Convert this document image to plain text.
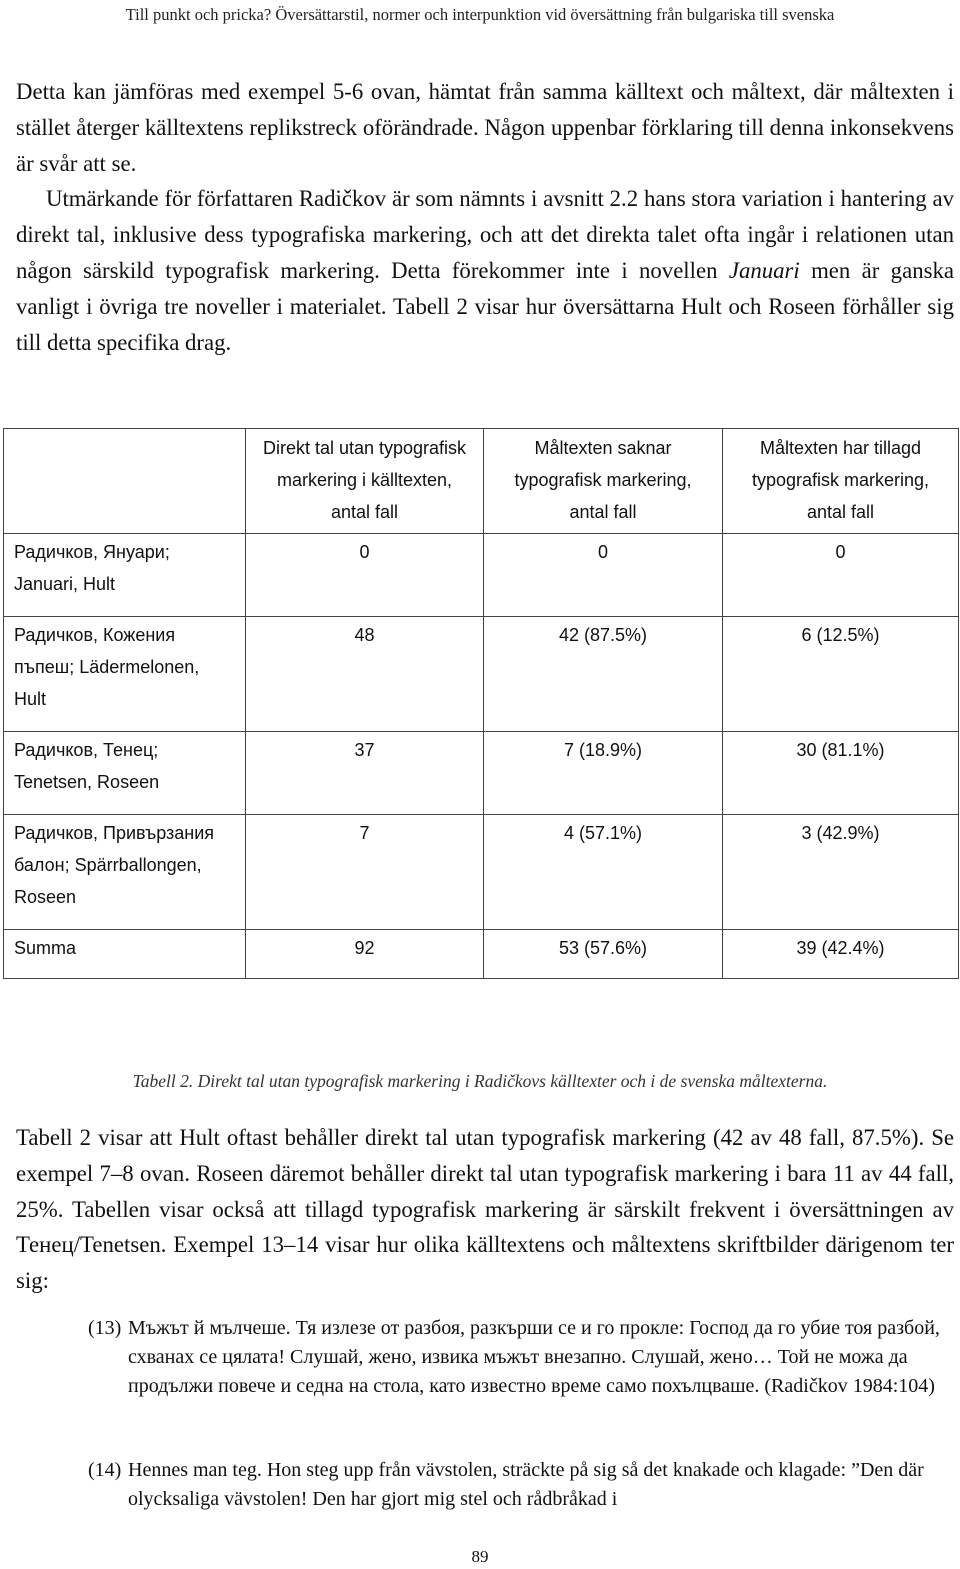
Till punkt och pricka? Översättarstil, normer och interpunktion vid översättning från bulgariska till svenska

Detta kan jämföras med exempel 5-6 ovan, hämtat från samma källtext och måltext, där måltexten i stället återger källtextens replikstreck oförändrade. Någon uppenbar förklaring till denna inkonsekvens är svår att se.

Utmärkande för författaren Radičkov är som nämnts i avsnitt 2.2 hans stora variation i hantering av direkt tal, inklusive dess typografiska markering, och att det direkta talet ofta ingår i relationen utan någon särskild typografisk markering. Detta förekommer inte i novellen Januari men är ganska vanligt i övriga tre noveller i materialet. Tabell 2 visar hur översättarna Hult och Roseen förhåller sig till detta specifika drag.

	Direkt tal utan typografisk markering i källtexten, antal fall	Måltexten saknar typografisk markering, antal fall	Måltexten har tillagd typografisk markering, antal fall
Радичков, Януари; Januari, Hult	0	0	0
Радичков, Кожения пъпеш; Lädermelonen, Hult	48	42 (87.5%)	6 (12.5%)
Радичков, Тенец; Tenetsen, Roseen	37	7 (18.9%)	30 (81.1%)
Радичков, Привързания балон; Spärrballongen, Roseen	7	4 (57.1%)	3 (42.9%)
Summa	92	53 (57.6%)	39 (42.4%)
Tabell 2. Direkt tal utan typografisk markering i Radičkovs källtexter och i de svenska måltexterna.

Tabell 2 visar att Hult oftast behåller direkt tal utan typografisk markering (42 av 48 fall, 87.5%). Se exempel 7–8 ovan. Roseen däremot behåller direkt tal utan typografisk markering i bara 11 av 44 fall, 25%. Tabellen visar också att tillagd typografisk markering är särskilt frekvent i översättningen av Тенец/Tenetsen. Exempel 13–14 visar hur olika källtextens och måltextens skriftbilder därigenom ter sig:

(13) Мъжът й мълчеше. Тя излезе от разбоя, разкърши се и го прокле: Господ да го убие тоя разбой, схванах се цялата! Слушай, жено, извика мъжът внезапно. Слушай, жено… Той не можа да продължи повече и седна на стола, като известно време само похълцваше. (Radičkov 1984:104)
(14) Hennes man teg. Hon steg upp från vävstolen, sträckte på sig så det knakade och klagade: ”Den där olycksaliga vävstolen! Den har gjort mig stel och rådbråkad i
89
